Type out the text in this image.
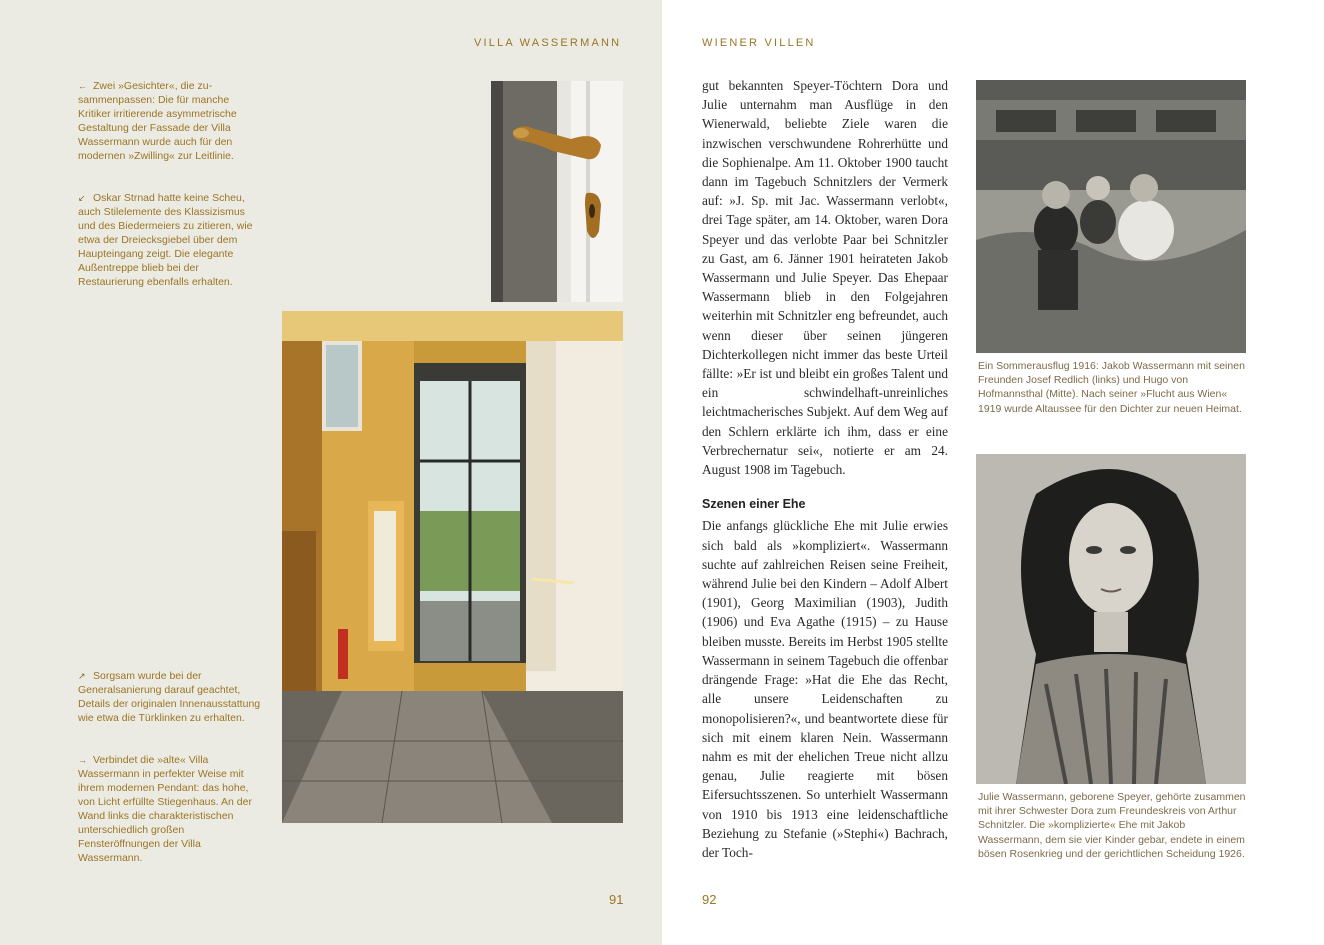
VILLA WASSERMANN
← Zwei »Gesichter«, die zusammenpassen: Die für manche Kritiker irritierende asymmetrische Gestaltung der Fassade der Villa Wassermann wurde auch für den modernen »Zwilling« zur Leitlinie.
↙ Oskar Strnad hatte keine Scheu, auch Stilelemente des Klassizismus und des Biedermeiers zu zitieren, wie etwa der Dreiecksgiebel über dem Haupteingang zeigt. Die elegante Außentreppe blieb bei der Restaurierung ebenfalls erhalten.
↗ Sorgsam wurde bei der Generalsanierung darauf geachtet, Details der originalen Innenausstattung wie etwa die Türklinken zu erhalten.
→ Verbindet die »alte« Villa Wassermann in perfekter Weise mit ihrem modernen Pendant: das hohe, von Licht erfüllte Stiegenhaus. An der Wand links die charakteristischen unterschiedlich großen Fensteröffnungen der Villa Wassermann.
91
WIENER VILLEN

gut bekannten Speyer-Töchtern Dora und Julie unternahm man Ausflüge in den Wienerwald, beliebte Ziele waren die inzwischen verschwundene Rohrerhütte und die Sophienalpe. Am 11. Oktober 1900 taucht dann im Tagebuch Schnitzlers der Vermerk auf: »J. Sp. mit Jac. Wassermann verlobt«, drei Tage später, am 14. Oktober, waren Dora Speyer und das verlobte Paar bei Schnitzler zu Gast, am 6. Jänner 1901 heirateten Jakob Wassermann und Julie Speyer. Das Ehepaar Wassermann blieb in den Folgejahren weiterhin mit Schnitzler eng befreundet, auch wenn dieser über seinen jüngeren Dichterkollegen nicht immer das beste Urteil fällte: »Er ist und bleibt ein großes Talent und ein schwindelhaft-unreinliches leichtmacherisches Subjekt. Auf dem Weg auf den Schlern erklärte ich ihm, dass er eine Verbrechernatur sei«, notierte er am 24. August 1908 im Tagebuch.

Szenen einer Ehe

Die anfangs glückliche Ehe mit Julie erwies sich bald als »kompliziert«. Wassermann suchte auf zahlreichen Reisen seine Freiheit, während Julie bei den Kindern – Adolf Albert (1901), Georg Maximilian (1903), Judith (1906) und Eva Agathe (1915) – zu Hause bleiben musste. Bereits im Herbst 1905 stellte Wassermann in seinem Tagebuch die offenbar drängende Frage: »Hat die Ehe das Recht, alle unsere Leidenschaften zu monopolisieren?«, und beantwortete diese für sich mit einem klaren Nein. Wassermann nahm es mit der ehelichen Treue nicht allzu genau, Julie reagierte mit bösen Eifersuchtsszenen. So unterhielt Wassermann von 1910 bis 1913 eine leidenschaftliche Beziehung zu Stefanie (»Stephi«) Bachrach, der Toch-

Ein Sommerausflug 1916: Jakob Wassermann mit seinen Freunden Josef Redlich (links) und Hugo von Hofmannsthal (Mitte). Nach seiner »Flucht aus Wien« 1919 wurde Altaussee für den Dichter zur neuen Heimat.
Julie Wassermann, geborene Speyer, gehörte zusammen mit ihrer Schwester Dora zum Freundeskreis von Arthur Schnitzler. Die »komplizierte« Ehe mit Jakob Wassermann, dem sie vier Kinder gebar, endete in einem bösen Rosenkrieg und der gerichtlichen Scheidung 1926.
92
